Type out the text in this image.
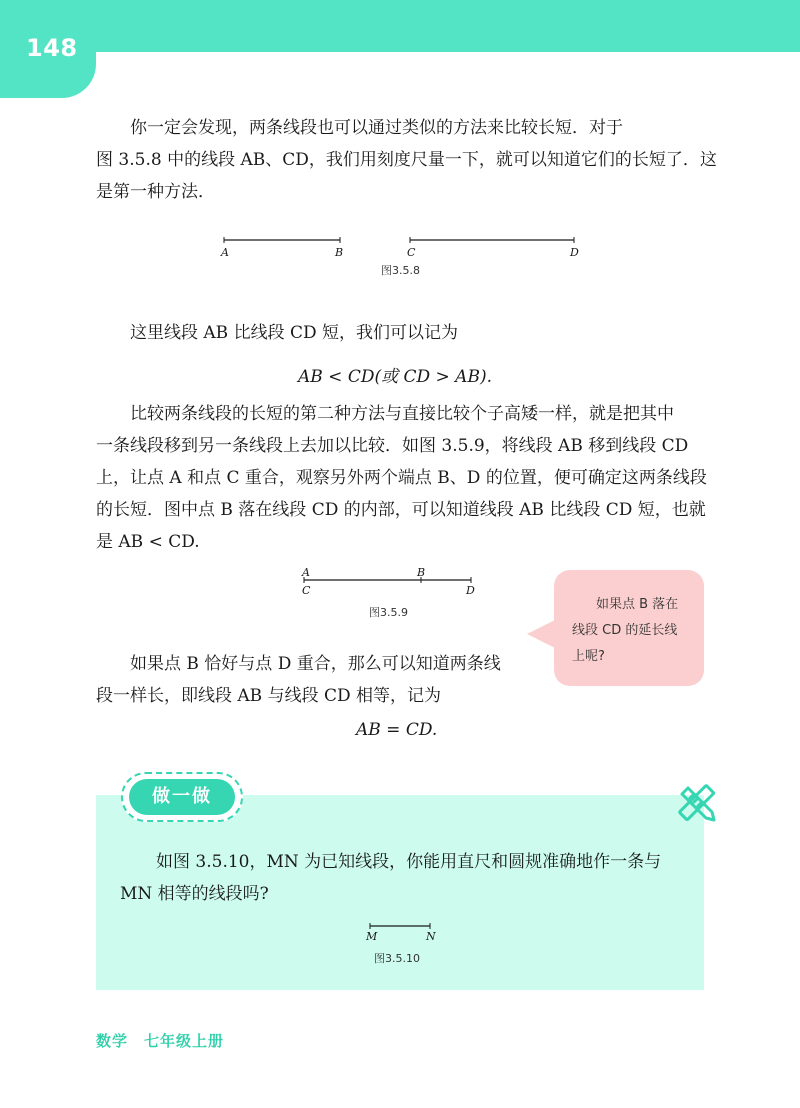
148
你一定会发现，两条线段也可以通过类似的方法来比较长短．对于
图 3.5.8 中的线段 AB、CD，我们用刻度尺量一下，就可以知道它们的长短了．这
是第一种方法．
A	B	C	D
图3.5.8
这里线段 AB 比线段 CD 短，我们可以记为
AB < CD(或 CD > AB).
比较两条线段的长短的第二种方法与直接比较个子高矮一样，就是把其中
一条线段移到另一条线段上去加以比较．如图 3.5.9，将线段 AB 移到线段 CD
上，让点 A 和点 C 重合，观察另外两个端点 B、D 的位置，便可确定这两条线段
的长短．图中点 B 落在线段 CD 的内部，可以知道线段 AB 比线段 CD 短，也就
是 AB < CD.
A	B
C	D
图3.5.9
如果点 B 落在
线段 CD 的延长线
上呢?
如果点 B 恰好与点 D 重合，那么可以知道两条线
段一样长，即线段 AB 与线段 CD 相等，记为
AB = CD.
做一做
如图 3.5.10，MN 为已知线段，你能用直尺和圆规准确地作一条与
MN 相等的线段吗?
M	N
图3.5.10
数学　七年级上册
